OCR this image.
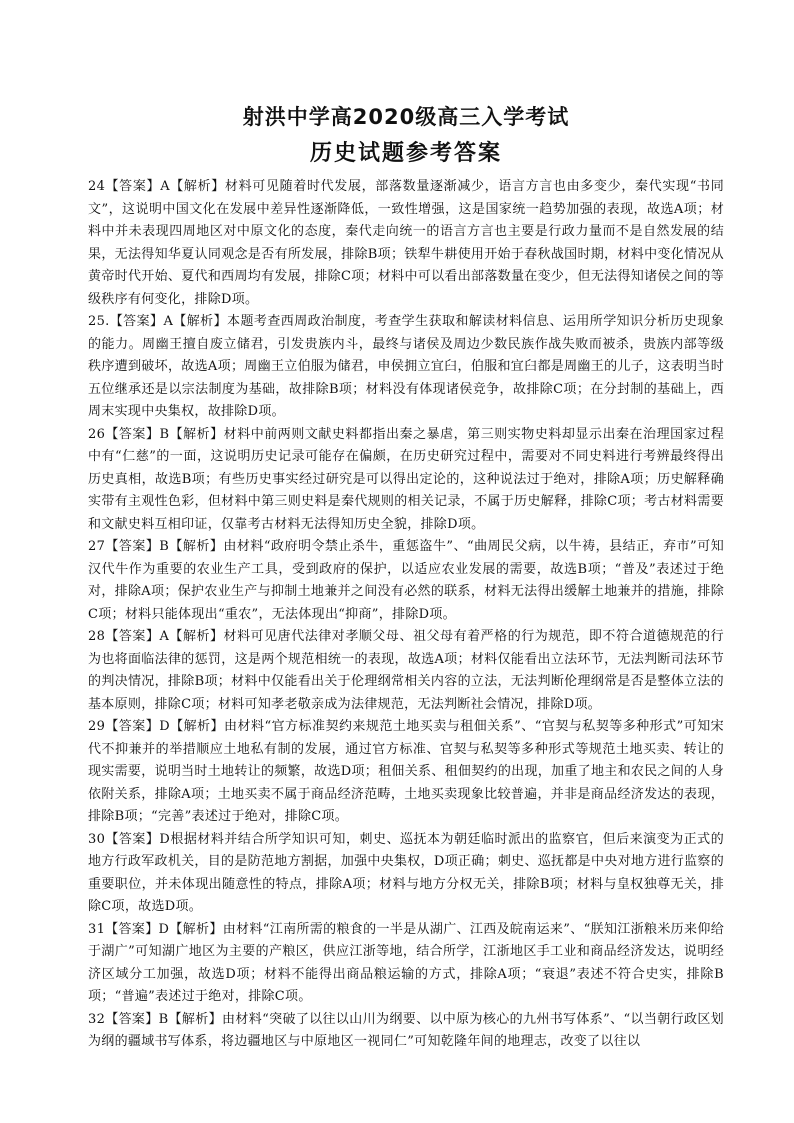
射洪中学高2020级高三入学考试
历史试题参考答案

24【答案】A【解析】材料可见随着时代发展，部落数量逐渐减少，语言方言也由多变少，秦代实现“书同文”，这说明中国文化在发展中差异性逐渐降低，一致性增强，这是国家统一趋势加强的表现，故选A项；材料中并未表现四周地区对中原文化的态度，秦代走向统一的语言方言也主要是行政力量而不是自然发展的结果，无法得知华夏认同观念是否有所发展，排除B项；铁犁牛耕使用开始于春秋战国时期，材料中变化情况从黄帝时代开始、夏代和西周均有发展，排除C项；材料中可以看出部落数量在变少，但无法得知诸侯之间的等级秩序有何变化，排除D项。

25.【答案】A【解析】本题考查西周政治制度，考查学生获取和解读材料信息、运用所学知识分析历史现象的能力。周幽王擅自废立储君，引发贵族内斗，最终与诸侯及周边少数民族作战失败而被杀，贵族内部等级秩序遭到破坏，故选A项；周幽王立伯服为储君，申侯拥立宜臼，伯服和宜臼都是周幽王的儿子，这表明当时五位继承还是以宗法制度为基础，故排除B项；材料没有体现诸侯竞争，故排除C项；在分封制的基础上，西周末实现中央集权，故排除D项。

26【答案】B【解析】材料中前两则文献史料都指出秦之暴虐，第三则实物史料却显示出秦在治理国家过程中有“仁慈”的一面，这说明历史记录可能存在偏颇，在历史研究过程中，需要对不同史料进行考辨最终得出历史真相，故选B项；有些历史事实经过研究是可以得出定论的，这种说法过于绝对，排除A项；历史解释确实带有主观性色彩，但材料中第三则史料是秦代规则的相关记录，不属于历史解释，排除C项；考古材料需要和文献史料互相印证，仅靠考古材料无法得知历史全貌，排除D项。

27【答案】B【解析】由材料“政府明令禁止杀牛，重惩盗牛”、“曲周民父病，以牛祷，县结正，弃市”可知汉代牛作为重要的农业生产工具，受到政府的保护，以适应农业发展的需要，故选B项；“普及”表述过于绝对，排除A项；保护农业生产与抑制土地兼并之间没有必然的联系，材料无法得出缓解土地兼并的措施，排除C项；材料只能体现出“重农”，无法体现出“抑商”，排除D项。

28【答案】A【解析】材料可见唐代法律对孝顺父母、祖父母有着严格的行为规范，即不符合道德规范的行为也将面临法律的惩罚，这是两个规范相统一的表现，故选A项；材料仅能看出立法环节，无法判断司法环节的判决情况，排除B项；材料中仅能看出关于伦理纲常相关内容的立法，无法判断伦理纲常是否是整体立法的基本原则，排除C项；材料可知孝老敬亲成为法律规范，无法判断社会情况，排除D项。

29【答案】D【解析】由材料“官方标准契约来规范土地买卖与租佃关系”、“官契与私契等多种形式”可知宋代不抑兼并的举措顺应土地私有制的发展，通过官方标准、官契与私契等多种形式等规范土地买卖、转让的现实需要，说明当时土地转让的频繁，故选D项；租佃关系、租佃契约的出现，加重了地主和农民之间的人身依附关系，排除A项；土地买卖不属于商品经济范畴，土地买卖现象比较普遍，并非是商品经济发达的表现，排除B项；“完善”表述过于绝对，排除C项。

30【答案】D根据材料并结合所学知识可知，刺史、巡抚本为朝廷临时派出的监察官，但后来演变为正式的地方行政军政机关，目的是防范地方割据，加强中央集权，D项正确；刺史、巡抚都是中央对地方进行监察的重要职位，并未体现出随意性的特点，排除A项；材料与地方分权无关，排除B项；材料与皇权独尊无关，排除C项，故选D项。

31【答案】D【解析】由材料“江南所需的粮食的一半是从湖广、江西及皖南运来”、“朕知江浙粮米历来仰给于湖广”可知湖广地区为主要的产粮区，供应江浙等地，结合所学，江浙地区手工业和商品经济发达，说明经济区域分工加强，故选D项；材料不能得出商品粮运输的方式，排除A项；“衰退”表述不符合史实，排除B项；“普遍”表述过于绝对，排除C项。

32【答案】B【解析】由材料“突破了以往以山川为纲要、以中原为核心的九州书写体系”、“以当朝行政区划为纲的疆域书写体系，将边疆地区与中原地区一视同仁”可知乾隆年间的地理志，改变了以往以
